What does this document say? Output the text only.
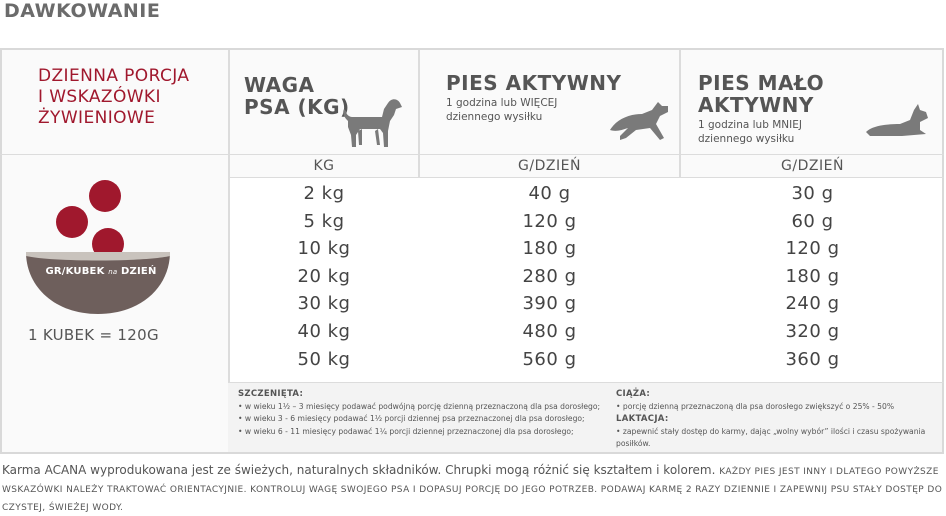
DAWKOWANIE
DZIENNA PORCJA
I WSKAZÓWKI
ŻYWIENIOWE
GR/KUBEK na DZIEŃ
1 KUBEK = 120G
WAGA
PSA (KG)
PIES AKTYWNY
1 godzina lub WIĘCEJ
dziennego wysiłku
PIES MAŁO AKTYWNY
1 godzina lub MNIEJ
dziennego wysiłku
KG	G/DZIEŃ	G/DZIEŃ
2 kg
5 kg
10 kg
20 kg
30 kg
40 kg
50 kg
40 g
120 g
180 g
280 g
390 g
480 g
560 g
30 g
60 g
120 g
180 g
240 g
320 g
360 g
SZCZENIĘTA:
• w wieku 1½ – 3 miesięcy podawać podwójną porcję dzienną przeznaczoną dla psa dorosłego;
• w wieku 3 - 6 miesięcy podawać 1½ porcji dziennej psa przeznaczonej dla psa dorosłego;
• w wieku 6 - 11 miesięcy podawać 1¼ porcji dziennej przeznaczonej dla psa dorosłego;
CIĄŻA:
• porcję dzienną przeznaczoną dla psa dorosłego zwiększyć o 25% - 50%
LAKTACJA:
• zapewnić stały dostęp do karmy, dając „wolny wybór” ilości i czasu spożywania posiłków.
Karma ACANA wyprodukowana jest ze świeżych, naturalnych składników. Chrupki mogą różnić się kształtem i kolorem. KAŻDY PIES JEST INNY I DLATEGO POWYŻSZE WSKAZÓWKI NALEŻY TRAKTOWAĆ ORIENTACYJNIE. KONTROLUJ WAGĘ SWOJEGO PSA I DOPASUJ PORCJĘ DO JEGO POTRZEB. PODAWAJ KARMĘ 2 RAZY DZIENNIE I ZAPEWNIJ PSU STAŁY DOSTĘP DO CZYSTEJ, ŚWIEŻEJ WODY.
